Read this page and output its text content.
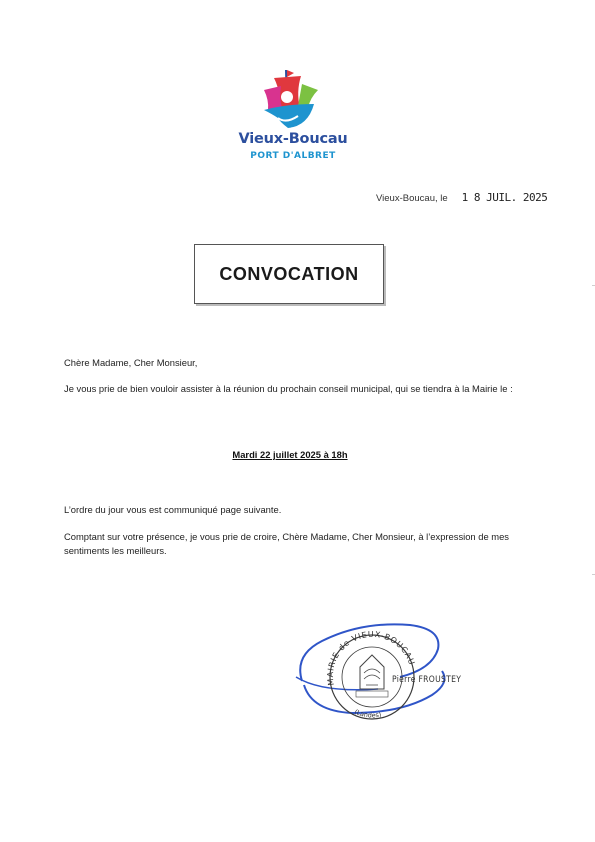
Vieux-Boucau
PORT D'ALBRET
Vieux-Boucau, le 1 8 JUIL. 2025
CONVOCATION
Chère Madame, Cher Monsieur,
Je vous prie de bien vouloir assister à la réunion du prochain conseil municipal, qui se tiendra à la Mairie le :
Mardi 22 juillet 2025 à 18h
L’ordre du jour vous est communiqué page suivante.
Comptant sur votre présence, je vous prie de croire, Chère Madame, Cher Monsieur, à l’expression de mes sentiments les meilleurs.
MAIRIE de VIEUX-BOUCAU
(Landes)
Pierre FROUSTEY
